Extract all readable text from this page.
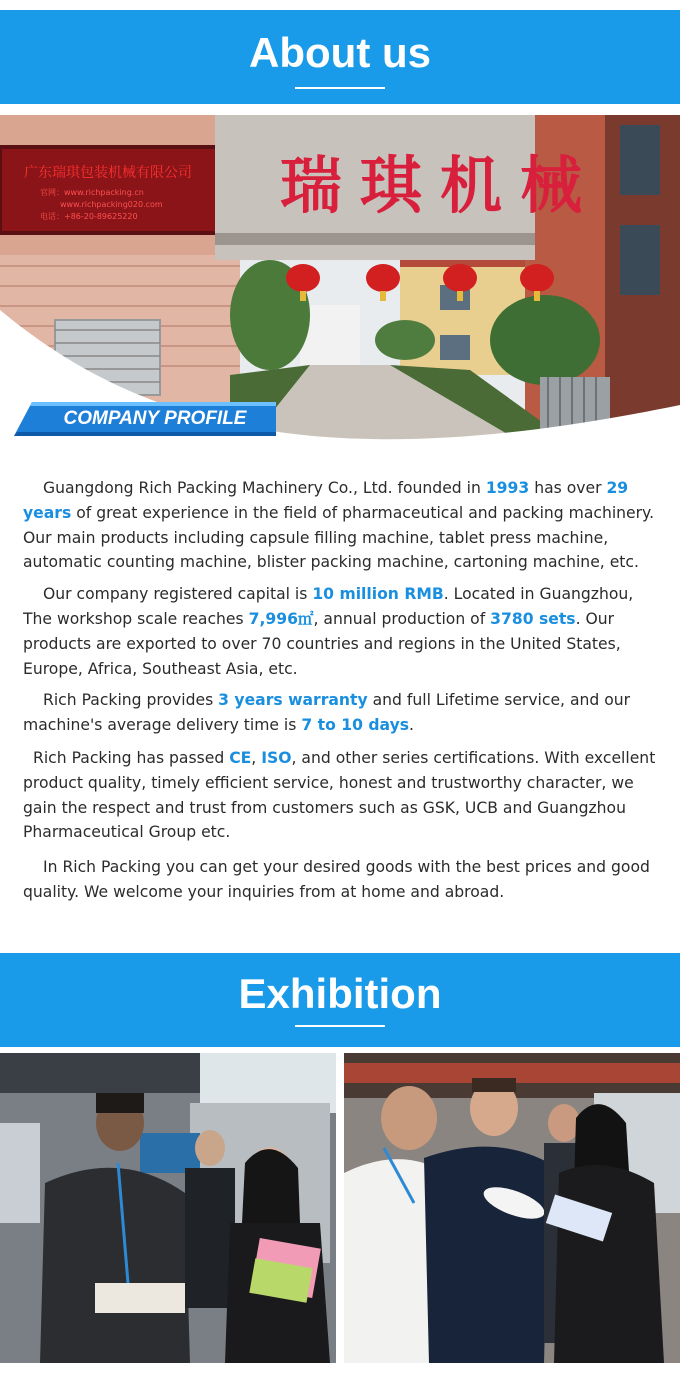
About us
广东瑞琪包装机械有限公司
官网：www.richpacking.cn
www.richpacking020.com
电话：+86-20-89625220 瑞琪机械
COMPANY PROFILE

Guangdong Rich Packing Machinery Co., Ltd. founded in 1993 has over 29 years of great experience in the field of pharmaceutical and packing machinery. Our main products including capsule filling machine, tablet press machine, automatic counting machine, blister packing machine, cartoning machine, etc.

Our company registered capital is 10 million RMB. Located in Guangzhou, The workshop scale reaches 7,996㎡, annual production of 3780 sets. Our products are exported to over 70 countries and regions in the United States, Europe, Africa, Southeast Asia, etc.

Rich Packing provides 3 years warranty and full Lifetime service, and our machine's average delivery time is 7 to 10 days.

Rich Packing has passed CE, ISO, and other series certifications. With excellent product quality, timely efficient service, honest and trustworthy character, we gain the respect and trust from customers such as GSK, UCB and Guangzhou Pharmaceutical Group etc.

In Rich Packing you can get your desired goods with the best prices and good quality. We welcome your inquiries from at home and abroad.

Exhibition
